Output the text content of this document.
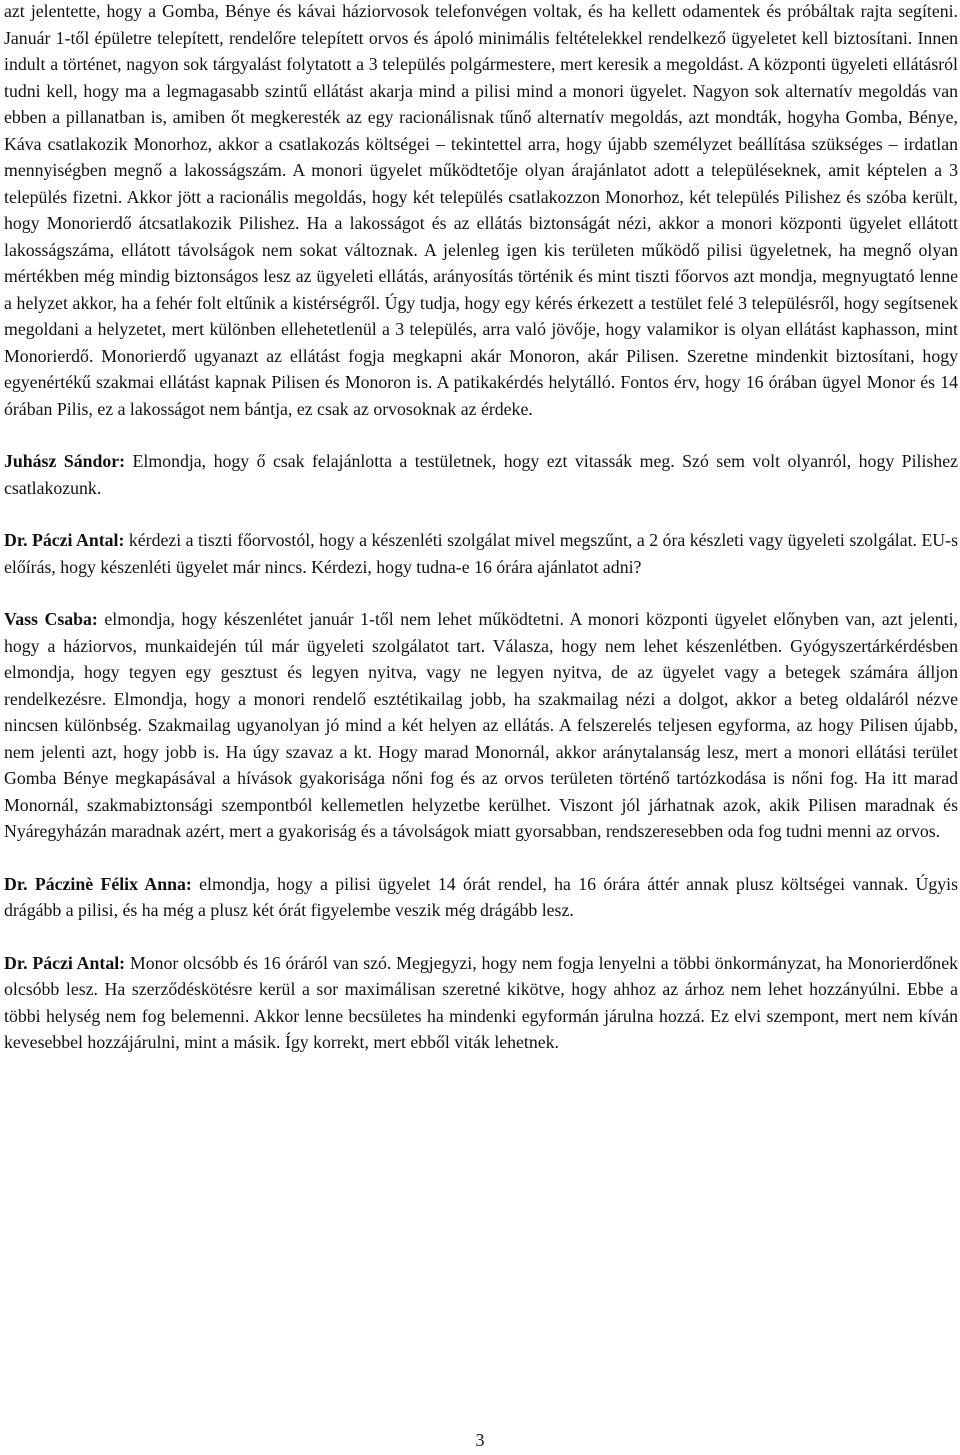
azt jelentette, hogy a Gomba, Bénye és kávai háziorvosok telefonvégen voltak, és ha kellett odamentek és próbáltak rajta segíteni. Január 1-től épületre telepített, rendelőre telepített orvos és ápoló minimális feltételekkel rendelkező ügyeletet kell biztosítani. Innen indult a történet, nagyon sok tárgyalást folytatott a 3 település polgármestere, mert keresik a megoldást. A központi ügyeleti ellátásról tudni kell, hogy ma a legmagasabb szintű ellátást akarja mind a pilisi mind a monori ügyelet. Nagyon sok alternatív megoldás van ebben a pillanatban is, amiben őt megkeresték az egy racionálisnak tűnő alternatív megoldás, azt mondták, hogyha Gomba, Bénye, Káva csatlakozik Monorhoz, akkor a csatlakozás költségei – tekintettel arra, hogy újabb személyzet beállítása szükséges – irdatlan mennyiségben megnő a lakosságszám. A monori ügyelet működtetője olyan árajánlatot adott a településeknek, amit képtelen a 3 település fizetni. Akkor jött a racionális megoldás, hogy két település csatlakozzon Monorhoz, két település Pilishez és szóba került, hogy Monorierdő átcsatlakozik Pilishez. Ha a lakosságot és az ellátás biztonságát nézi, akkor a monori központi ügyelet ellátott lakosságszáma, ellátott távolságok nem sokat változnak. A jelenleg igen kis területen működő pilisi ügyeletnek, ha megnő olyan mértékben még mindig biztonságos lesz az ügyeleti ellátás, arányosítás történik és mint tiszti főorvos azt mondja, megnyugtató lenne a helyzet akkor, ha a fehér folt eltűnik a kistérségről. Úgy tudja, hogy egy kérés érkezett a testület felé 3 településről, hogy segítsenek megoldani a helyzetet, mert különben ellehetetlenül a 3 település, arra való jövője, hogy valamikor is olyan ellátást kaphasson, mint Monorierdő. Monorierdő ugyanazt az ellátást fogja megkapni akár Monoron, akár Pilisen. Szeretne mindenkit biztosítani, hogy egyenértékű szakmai ellátást kapnak Pilisen és Monoron is. A patikakérdés helytálló. Fontos érv, hogy 16 órában ügyel Monor és 14 órában Pilis, ez a lakosságot nem bántja, ez csak az orvosoknak az érdeke.

Juhász Sándor: Elmondja, hogy ő csak felajánlotta a testületnek, hogy ezt vitassák meg. Szó sem volt olyanról, hogy Pilishez csatlakozunk.

Dr. Páczi Antal: kérdezi a tiszti főorvostól, hogy a készenléti szolgálat mivel megszűnt, a 2 óra készleti vagy ügyeleti szolgálat. EU-s előírás, hogy készenléti ügyelet már nincs. Kérdezi, hogy tudna-e 16 órára ajánlatot adni?

Vass Csaba: elmondja, hogy készenlétet január 1-től nem lehet működtetni. A monori központi ügyelet előnyben van, azt jelenti, hogy a háziorvos, munkaidején túl már ügyeleti szolgálatot tart. Válasza, hogy nem lehet készenlétben. Gyógyszertárkérdésben elmondja, hogy tegyen egy gesztust és legyen nyitva, vagy ne legyen nyitva, de az ügyelet vagy a betegek számára álljon rendelkezésre. Elmondja, hogy a monori rendelő esztétikailag jobb, ha szakmailag nézi a dolgot, akkor a beteg oldaláról nézve nincsen különbség. Szakmailag ugyanolyan jó mind a két helyen az ellátás. A felszerelés teljesen egyforma, az hogy Pilisen újabb, nem jelenti azt, hogy jobb is. Ha úgy szavaz a kt. Hogy marad Monornál, akkor aránytalanság lesz, mert a monori ellátási terület Gomba Bénye megkapásával a hívások gyakorisága nőni fog és az orvos területen történő tartózkodása is nőni fog. Ha itt marad Monornál, szakmabiztonsági szempontból kellemetlen helyzetbe kerülhet. Viszont jól járhatnak azok, akik Pilisen maradnak és Nyáregyházán maradnak azért, mert a gyakoriság és a távolságok miatt gyorsabban, rendszeresebben oda fog tudni menni az orvos.

Dr. Páczinè Félix Anna: elmondja, hogy a pilisi ügyelet 14 órát rendel, ha 16 órára áttér annak plusz költségei vannak. Úgyis drágább a pilisi, és ha még a plusz két órát figyelembe veszik még drágább lesz.

Dr. Páczi Antal: Monor olcsóbb és 16 óráról van szó. Megjegyzi, hogy nem fogja lenyelni a többi önkormányzat, ha Monorierdőnek olcsóbb lesz. Ha szerződéskötésre kerül a sor maximálisan szeretné kikötve, hogy ahhoz az árhoz nem lehet hozzányúlni. Ebbe a többi helység nem fog belemenni. Akkor lenne becsületes ha mindenki egyformán járulna hozzá. Ez elvi szempont, mert nem kíván kevesebbel hozzájárulni, mint a másik. Így korrekt, mert ebből viták lehetnek.

3
